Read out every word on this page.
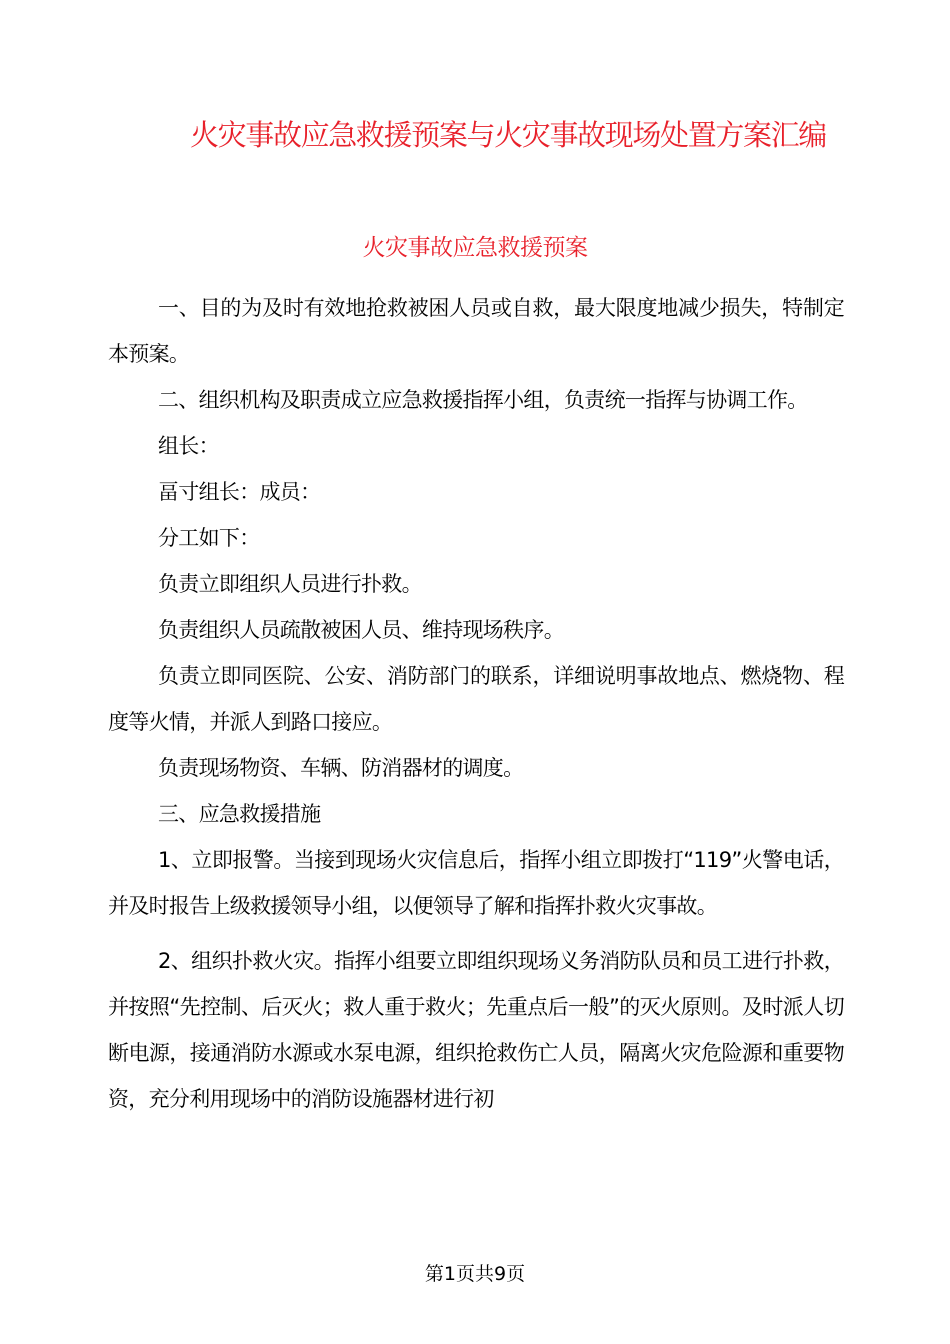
火灾事故应急救援预案与火灾事故现场处置方案汇编
火灾事故应急救援预案

一、目的为及时有效地抢救被困人员或自救，最大限度地减少损失，特制定本预案。

二、组织机构及职责成立应急救援指挥小组，负责统一指挥与协调工作。

组长：

畐寸组长：成员：

分工如下：

负责立即组织人员进行扑救。

负责组织人员疏散被困人员、维持现场秩序。

负责立即同医院、公安、消防部门的联系，详细说明事故地点、燃烧物、程度等火情，并派人到路口接应。

负责现场物资、车辆、防消器材的调度。

三、应急救援措施

1、立即报警。当接到现场火灾信息后，指挥小组立即拨打“119”火警电话，并及时报告上级救援领导小组，以便领导了解和指挥扑救火灾事故。

2、组织扑救火灾。指挥小组要立即组织现场义务消防队员和员工进行扑救，并按照“先控制、后灭火；救人重于救火；先重点后一般”的灭火原则。及时派人切断电源，接通消防水源或水泵电源，组织抢救伤亡人员，隔离火灾危险源和重要物资，充分利用现场中的消防设施器材进行初

第1页共9页
